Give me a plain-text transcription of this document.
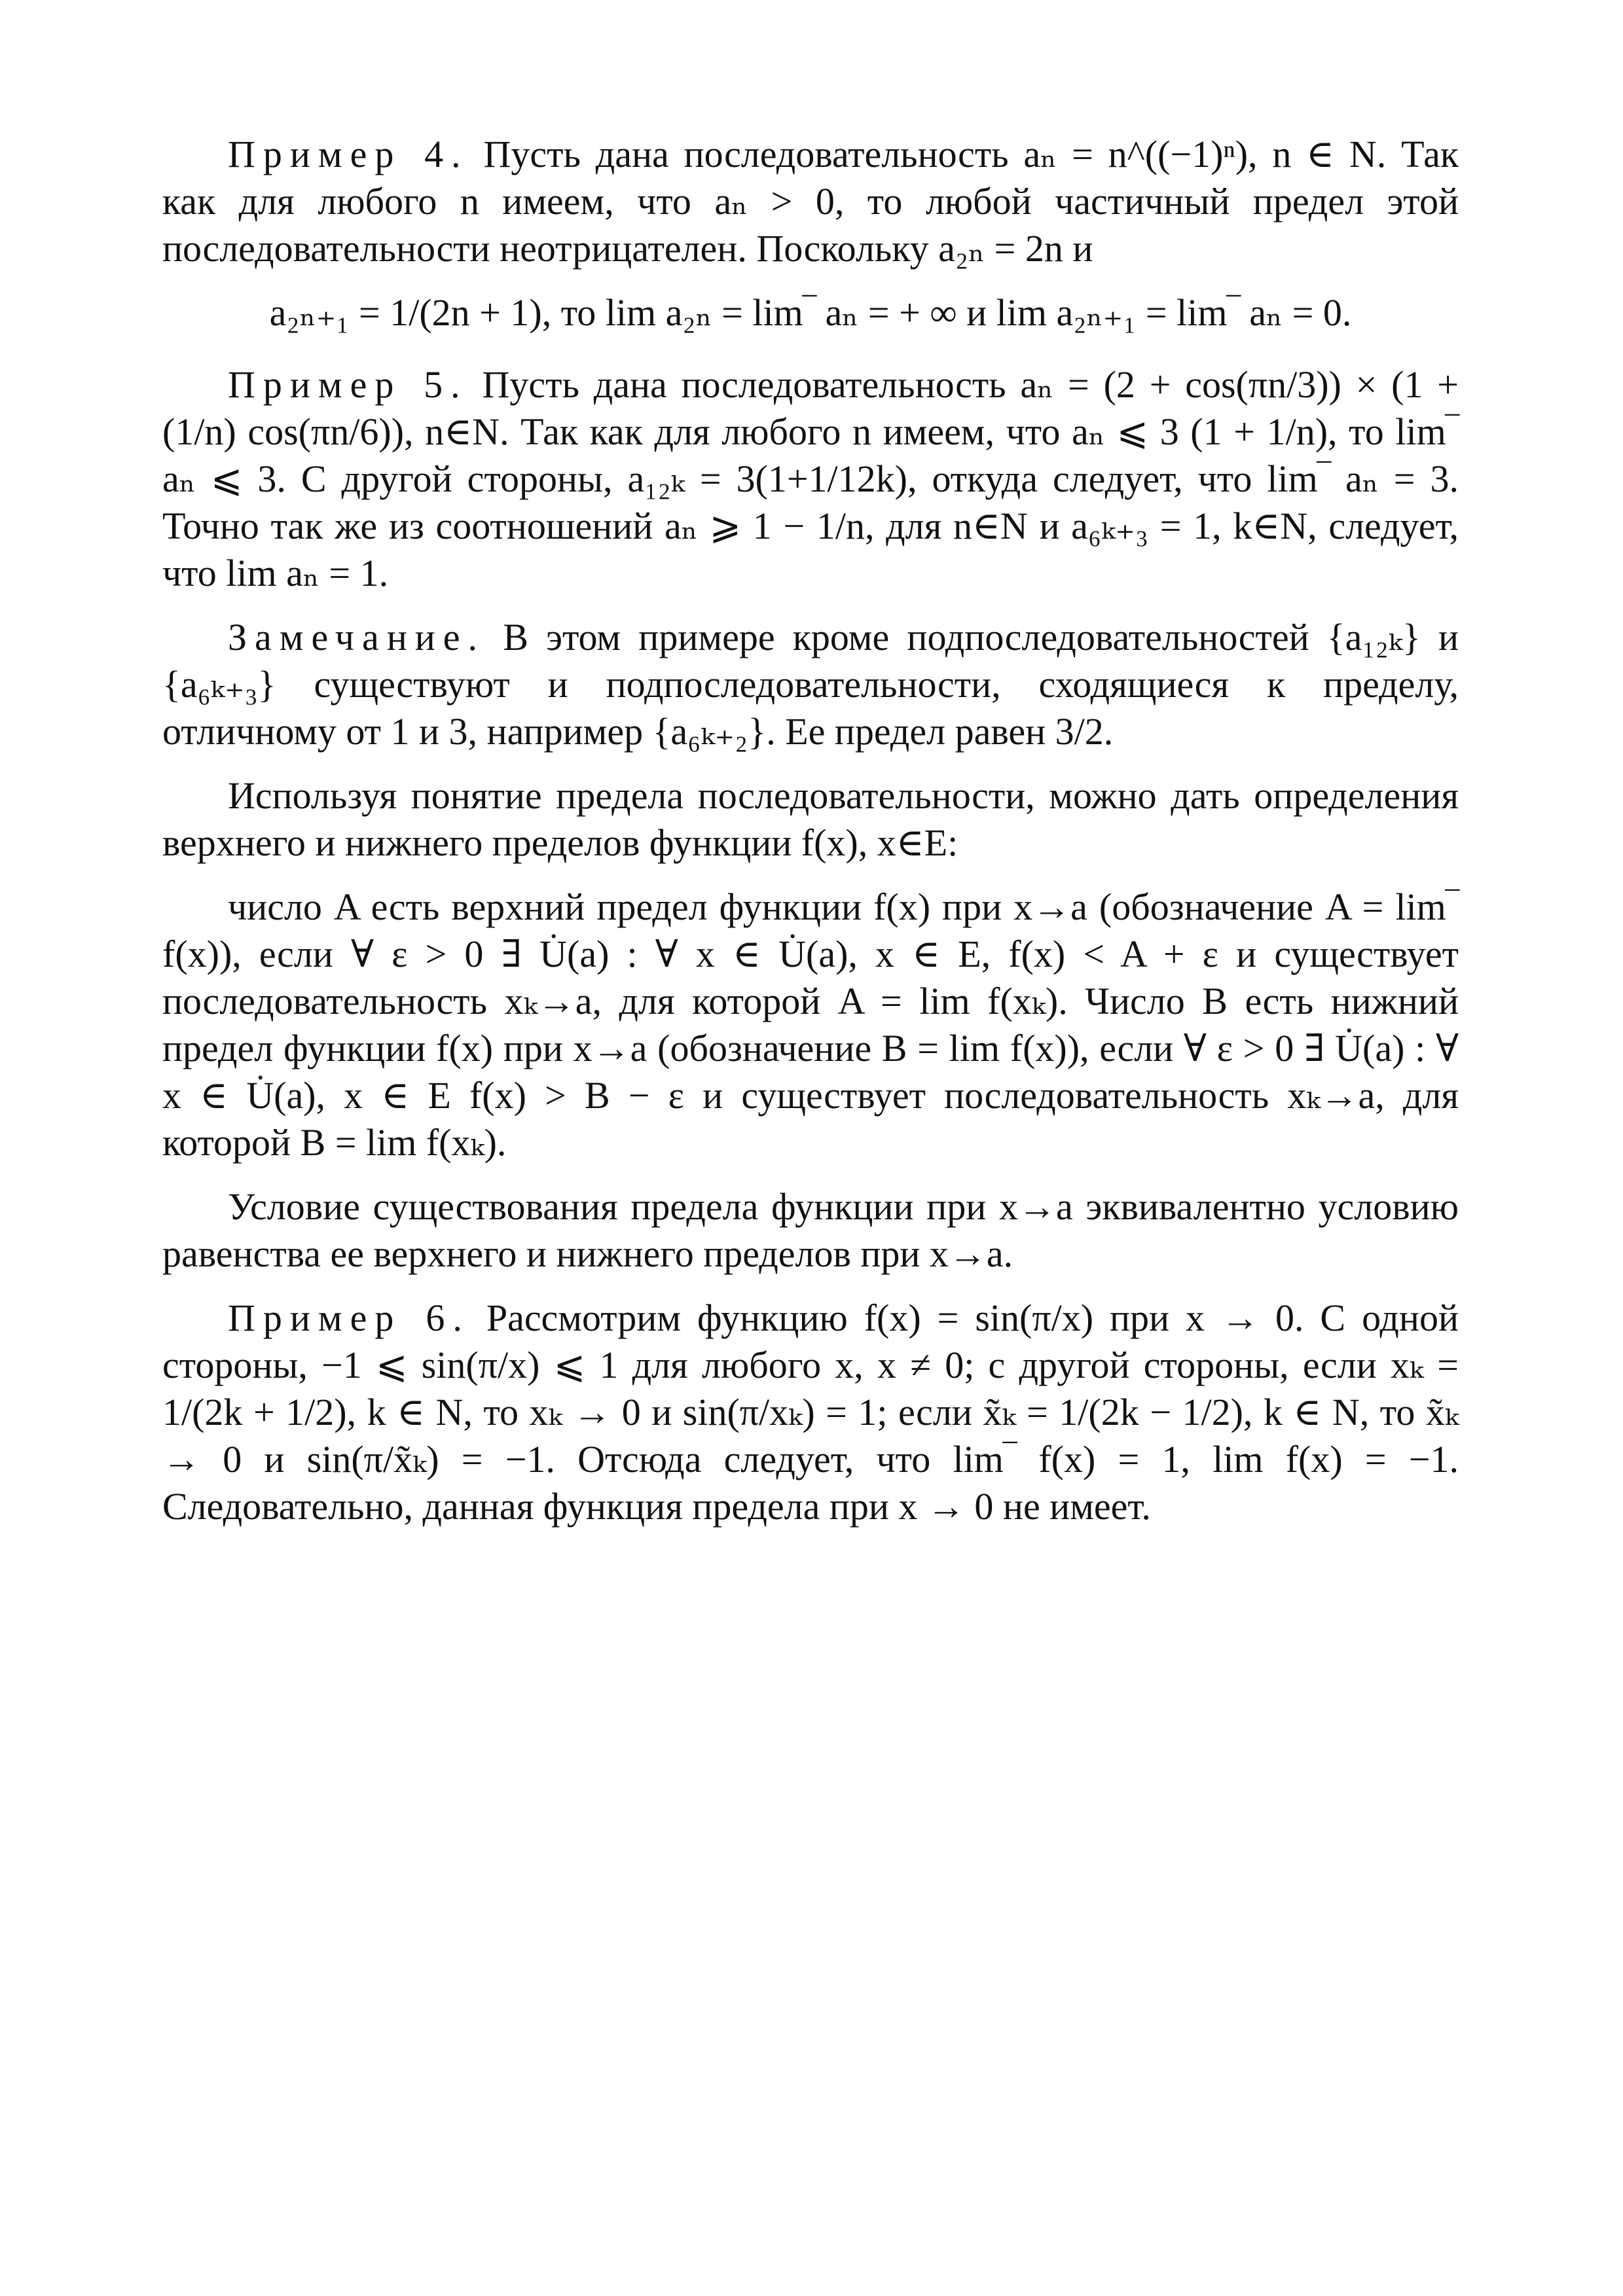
Пример 4. Пусть дана последовательность aₙ = n^((−1)ⁿ), n ∈ N. Так как для любого n имеем, что aₙ > 0, то любой частичный предел этой последовательности неотрицателен. Поскольку a₂ₙ = 2n и

a₂ₙ₊₁ = 1/(2n + 1), то lim a₂ₙ = lim‾ aₙ = + ∞ и lim a₂ₙ₊₁ = lim‾ aₙ = 0.

Пример 5. Пусть дана последовательность aₙ = (2 + cos(πn/3)) × (1 + (1/n) cos(πn/6)), n∈N. Так как для любого n имеем, что aₙ ⩽ 3 (1 + 1/n), то lim‾ aₙ ⩽ 3. С другой стороны, a₁₂ₖ = 3(1+1/12k), откуда следует, что lim‾ aₙ = 3. Точно так же из соотношений aₙ ⩾ 1 − 1/n, для n∈N и a₆ₖ₊₃ = 1, k∈N, следует, что lim aₙ = 1.

Замечание. В этом примере кроме подпоследовательностей {a₁₂ₖ} и {a₆ₖ₊₃} существуют и подпоследовательности, сходящиеся к пределу, отличному от 1 и 3, например {a₆ₖ₊₂}. Ее предел равен 3/2.

Используя понятие предела последовательности, можно дать определения верхнего и нижнего пределов функции f(x), x∈E:

число A есть верхний предел функции f(x) при x→a (обозначение A = lim‾ f(x)), если ∀ ε > 0 ∃ U̇(a) : ∀ x ∈ U̇(a), x ∈ E, f(x) < A + ε и существует последовательность xₖ→a, для которой A = lim f(xₖ). Число B есть нижний предел функции f(x) при x→a (обозначение B = lim f(x)), если ∀ ε > 0 ∃ U̇(a) : ∀ x ∈ U̇(a), x ∈ E f(x) > B − ε и существует последовательность xₖ→a, для которой B = lim f(xₖ).

Условие существования предела функции при x→a эквивалентно условию равенства ее верхнего и нижнего пределов при x→a.

Пример 6. Рассмотрим функцию f(x) = sin(π/x) при x → 0. С одной стороны, −1 ⩽ sin(π/x) ⩽ 1 для любого x, x ≠ 0; с другой стороны, если xₖ = 1/(2k + 1/2), k ∈ N, то xₖ → 0 и sin(π/xₖ) = 1; если x̃ₖ = 1/(2k − 1/2), k ∈ N, то x̃ₖ → 0 и sin(π/x̃ₖ) = −1. Отсюда следует, что lim‾ f(x) = 1, lim f(x) = −1. Следовательно, данная функция предела при x → 0 не имеет.
